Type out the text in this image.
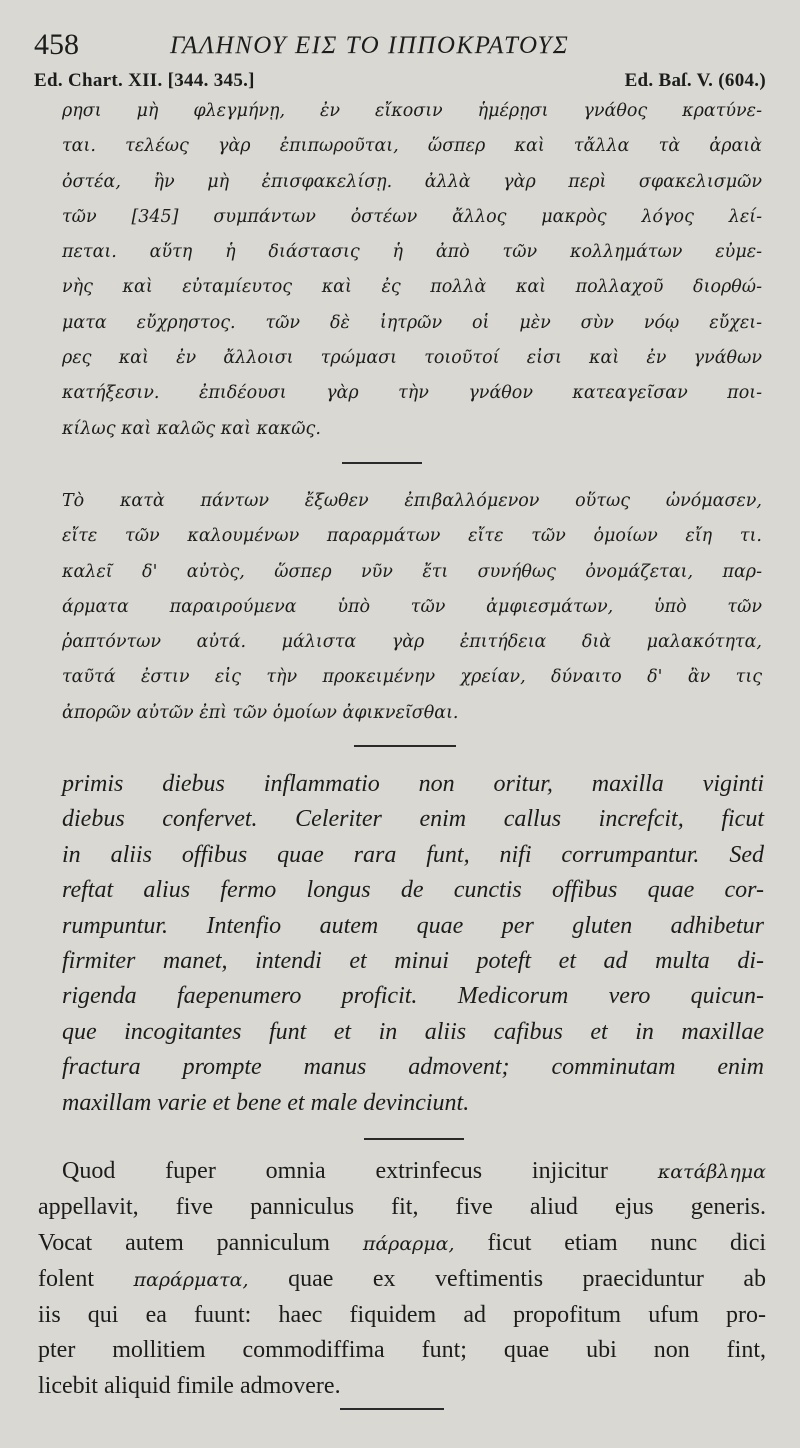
458	ΓΑΛΗΝΟΥ ΕΙΣ ΤΟ ΙΠΠΟΚΡΑΤΟΥΣ
Ed. Chart. XII. [344. 345.]	Ed. Baſ. V. (604.)
ρησι μὴ φλεγμήνῃ, ἐν εἴκοσιν ἡμέρῃσι γνάθος κρατύνε-
ται. τελέως γὰρ ἐπιπωροῦται, ὥσπερ καὶ τἄλλα τὰ ἀραιὰ
ὀστέα, ἢν μὴ ἐπισφακελίσῃ. ἀλλὰ γὰρ περὶ σφακελισμῶν
τῶν [345] συμπάντων ὀστέων ἄλλος μακρὸς λόγος λεί-
πεται. αὕτη ἡ διάστασις ἡ ἀπὸ τῶν κολλημάτων εὐμε-
νὴς καὶ εὐταμίευτος καὶ ἐς πολλὰ καὶ πολλαχοῦ διορθώ-
ματα εὔχρηστος. τῶν δὲ ἰητρῶν οἱ μὲν σὺν νόῳ εὔχει-
ρες καὶ ἐν ἄλλοισι τρώμασι τοιοῦτοί εἰσι καὶ ἐν γνάθων
κατήξεσιν. ἐπιδέουσι γὰρ τὴν γνάθον κατεαγεῖσαν ποι-
κίλως καὶ καλῶς καὶ κακῶς.
Τὸ κατὰ πάντων ἔξωθεν ἐπιβαλλόμενον οὕτως ὠνόμασεν,
εἴτε τῶν καλουμένων παραρμάτων εἴτε τῶν ὁμοίων εἴη τι.
καλεῖ δ' αὐτὸς, ὥσπερ νῦν ἔτι συνήθως ὀνομάζεται, παρ-
άρματα παραιρούμενα ὑπὸ τῶν ἀμφιεσμάτων, ὑπὸ τῶν
ῥαπτόντων αὐτά. μάλιστα γὰρ ἐπιτήδεια διὰ μαλακότητα,
ταῦτά ἐστιν εἰς τὴν προκειμένην χρείαν, δύναιτο δ' ἂν τις
ἀπορῶν αὐτῶν ἐπὶ τῶν ὁμοίων ἀφικνεῖσθαι.
primis diebus inflammatio non oritur, maxilla viginti
diebus confervet. Celeriter enim callus increfcit, ficut
in aliis offibus quae rara funt, nifi corrumpantur. Sed
reftat alius fermo longus de cunctis offibus quae cor-
rumpuntur. Intenfio autem quae per gluten adhibetur
firmiter manet, intendi et minui poteft et ad multa di-
rigenda faepenumero proficit. Medicorum vero quicun-
que incogitantes funt et in aliis cafibus et in maxillae
fractura prompte manus admovent; comminutam enim
maxillam varie et bene et male devinciunt.
Quod fuper omnia extrinfecus injicitur	κατάβλημα
appellavit, five panniculus fit, five aliud ejus generis.
Vocat autem panniculum πάραρμα, ficut etiam nunc dici
folent παράρματα, quae ex veftimentis praeciduntur ab
iis qui ea fuunt: haec fiquidem ad propofitum ufum pro-
pter mollitiem commodiffima funt; quae ubi non fint,
licebit aliquid fimile admovere.
